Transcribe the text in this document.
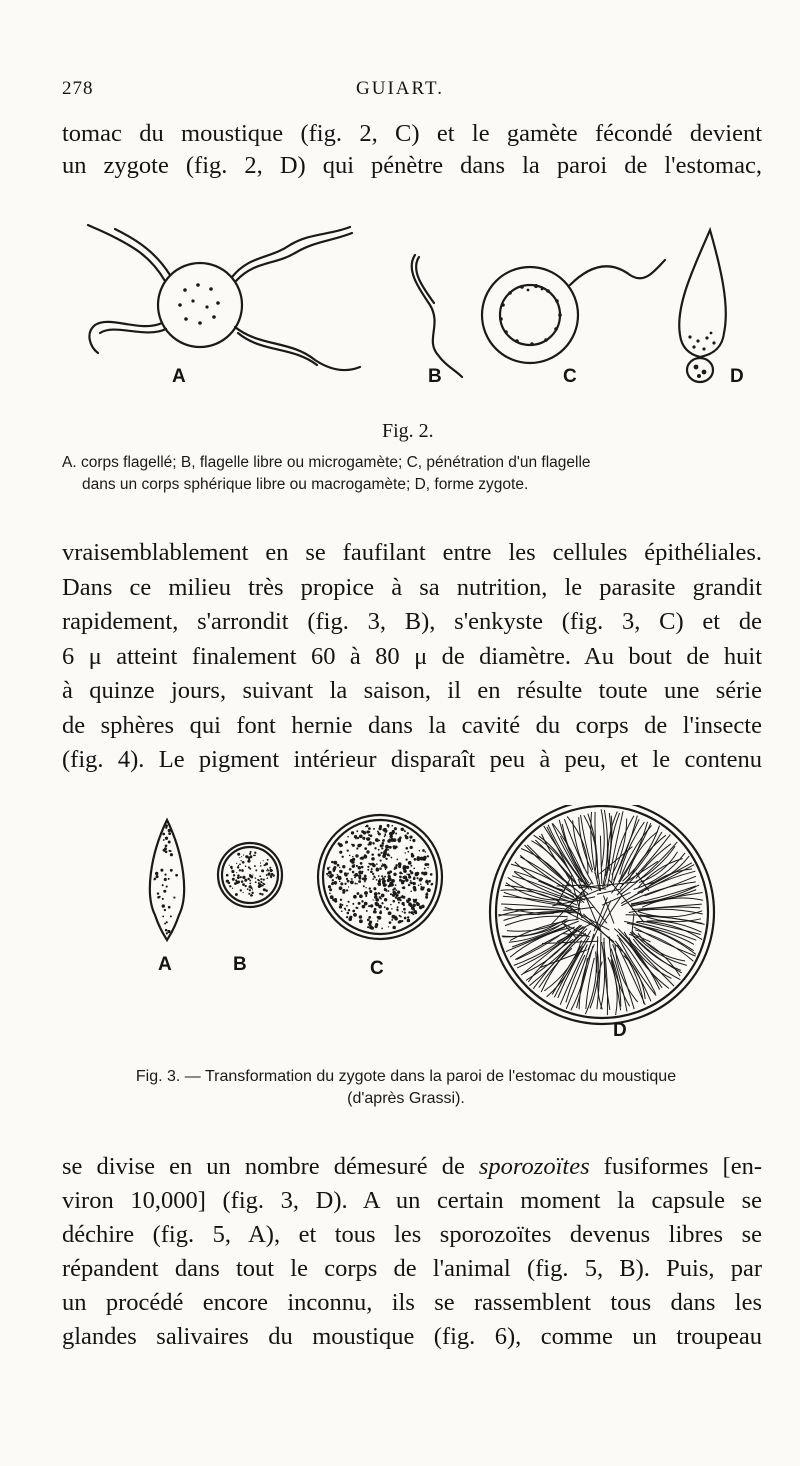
278	GUIART.
tomac du moustique (fig. 2, C) et le gamète fécondé devient
un zygote (fig. 2, D) qui pénètre dans la paroi de l'estomac,
A	B	C	D
Fig. 2.
A. corps flagellé; B, flagelle libre ou microgamète; C, pénétration d'un flagelle
dans un corps sphérique libre ou macrogamète; D, forme zygote.
vraisemblablement en se faufilant entre les cellules épithéliales.
Dans ce milieu très propice à sa nutrition, le parasite grandit
rapidement, s'arrondit (fig. 3, B), s'enkyste (fig. 3, C) et de
6 μ atteint finalement 60 à 80 μ de diamètre. Au bout de huit
à quinze jours, suivant la saison, il en résulte toute une série
de sphères qui font hernie dans la cavité du corps de l'insecte
(fig. 4). Le pigment intérieur disparaît peu à peu, et le contenu
A	B	C
D
Fig. 3. — Transformation du zygote dans la paroi de l'estomac du moustique
(d'après Grassi).
se divise en un nombre démesuré de sporozoïtes fusiformes [en-
viron 10,000] (fig. 3, D). A un certain moment la capsule se
déchire (fig. 5, A), et tous les sporozoïtes devenus libres se
répandent dans tout le corps de l'animal (fig. 5, B). Puis, par
un procédé encore inconnu, ils se rassemblent tous dans les
glandes salivaires du moustique (fig. 6), comme un troupeau
